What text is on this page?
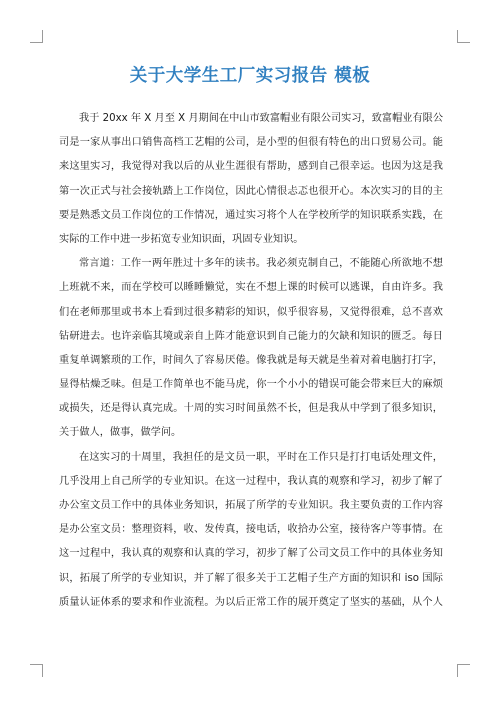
关于大学生工厂实习报告 模板
我于 20xx 年 X 月至 X 月期间在中山市致富帽业有限公司实习，致富帽业有限公
司是一家从事出口销售高档工艺帽的公司，是小型的但很有特色的出口贸易公司。能
来这里实习，我觉得对我以后的从业生涯很有帮助，感到自己很幸运。也因为这是我
第一次正式与社会接轨踏上工作岗位，因此心情很忐忑也很开心。本次实习的目的主
要是熟悉文员工作岗位的工作情况，通过实习将个人在学校所学的知识联系实践，在
实际的工作中进一步拓宽专业知识面，巩固专业知识。
常言道：工作一两年胜过十多年的读书。我必须克制自己，不能随心所欲地不想
上班就不来，而在学校可以睡睡懒觉，实在不想上课的时候可以逃课，自由许多。我
们在老师那里或书本上看到过很多精彩的知识，似乎很容易，又觉得很难，总不喜欢
钻研进去。也许亲临其境或亲自上阵才能意识到自己能力的欠缺和知识的匮乏。每日
重复单调繁琐的工作，时间久了容易厌倦。像我就是每天就是坐着对着电脑打打字，
显得枯燥乏味。但是工作简单也不能马虎，你一个小小的错误可能会带来巨大的麻烦
或损失，还是得认真完成。十周的实习时间虽然不长，但是我从中学到了很多知识，
关于做人，做事，做学问。
在这实习的十周里，我担任的是文员一职，平时在工作只是打打电话处理文件，
几乎没用上自己所学的专业知识。在这一过程中，我认真的观察和学习，初步了解了
办公室文员工作中的具体业务知识，拓展了所学的专业知识。我主要负责的工作内容
是办公室文员：整理资料，收、发传真，接电话，收拾办公室，接待客户等事情。在
这一过程中，我认真的观察和认真的学习，初步了解了公司文员工作中的具体业务知
识，拓展了所学的专业知识，并了解了很多关于工艺帽子生产方面的知识和 iso 国际
质量认证体系的要求和作业流程。为以后正常工作的展开奠定了坚实的基础，从个人
